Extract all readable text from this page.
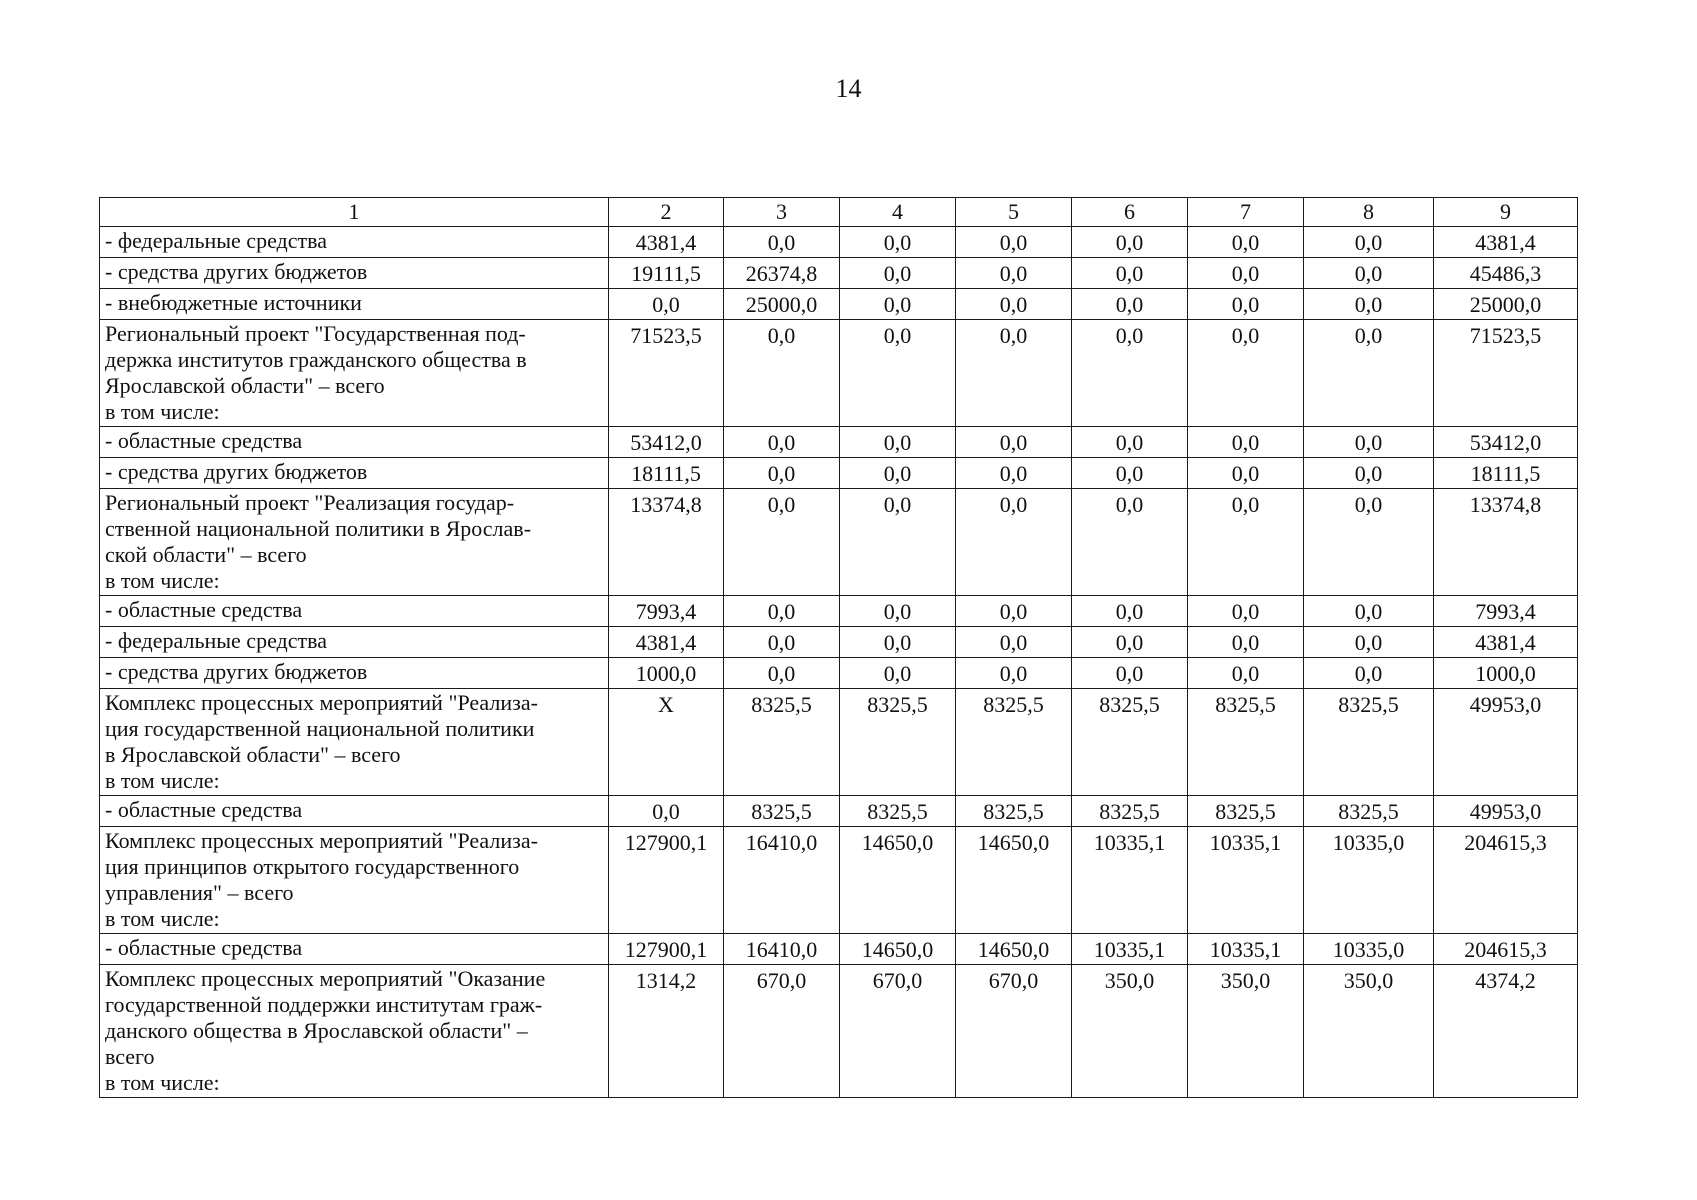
14
1	2	3	4	5	6	7	8	9
- федеральные средства	4381,4	0,0	0,0	0,0	0,0	0,0	0,0	4381,4
- средства других бюджетов	19111,5	26374,8	0,0	0,0	0,0	0,0	0,0	45486,3
- внебюджетные источники	0,0	25000,0	0,0	0,0	0,0	0,0	0,0	25000,0
Региональный проект "Государственная под-
держка институтов гражданского общества в
Ярославской области" – всего
в том числе:	71523,5	0,0	0,0	0,0	0,0	0,0	0,0	71523,5
- областные средства	53412,0	0,0	0,0	0,0	0,0	0,0	0,0	53412,0
- средства других бюджетов	18111,5	0,0	0,0	0,0	0,0	0,0	0,0	18111,5
Региональный проект "Реализация государ-
ственной национальной политики в Ярослав-
ской области" – всего
в том числе:	13374,8	0,0	0,0	0,0	0,0	0,0	0,0	13374,8
- областные средства	7993,4	0,0	0,0	0,0	0,0	0,0	0,0	7993,4
- федеральные средства	4381,4	0,0	0,0	0,0	0,0	0,0	0,0	4381,4
- средства других бюджетов	1000,0	0,0	0,0	0,0	0,0	0,0	0,0	1000,0
Комплекс процессных мероприятий "Реализа-
ция государственной национальной политики
в Ярославской области" – всего
в том числе:	Х	8325,5	8325,5	8325,5	8325,5	8325,5	8325,5	49953,0
- областные средства	0,0	8325,5	8325,5	8325,5	8325,5	8325,5	8325,5	49953,0
Комплекс процессных мероприятий "Реализа-
ция принципов открытого государственного
управления" – всего
в том числе:	127900,1	16410,0	14650,0	14650,0	10335,1	10335,1	10335,0	204615,3
- областные средства	127900,1	16410,0	14650,0	14650,0	10335,1	10335,1	10335,0	204615,3
Комплекс процессных мероприятий "Оказание
государственной поддержки институтам граж-
данского общества в Ярославской области" –
всего
в том числе:	1314,2	670,0	670,0	670,0	350,0	350,0	350,0	4374,2
